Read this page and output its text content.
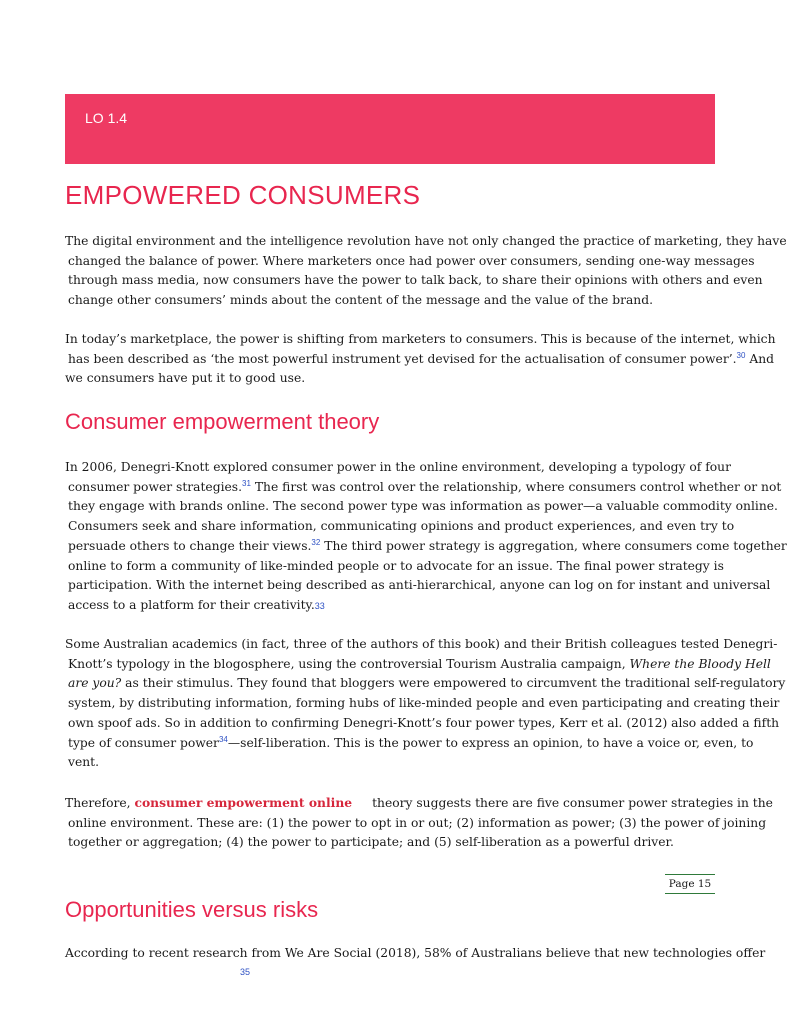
LO 1.4
EMPOWERED CONSUMERS

The digital environment and the intelligence revolution have not only changed the practice of marketing, they have
changed the balance of power. Where marketers once had power over consumers, sending one-way messages
through mass media, now consumers have the power to talk back, to share their opinions with others and even
change other consumers’ minds about the content of the message and the value of the brand.

In today’s marketplace, the power is shifting from marketers to consumers. This is because of the internet, which
has been described as ‘the most powerful instrument yet devised for the actualisation of consumer power’.$^{30}$ And
we consumers have put it to good use.

Consumer empowerment theory

In 2006, Denegri-Knott explored consumer power in the online environment, developing a typology of four
consumer power strategies.$^{31}$ The first was control over the relationship, where consumers control whether or not
they engage with brands online. The second power type was information as power—a valuable commodity online.
Consumers seek and share information, communicating opinions and product experiences, and even try to
persuade others to change their views.$^{32}$ The third power strategy is aggregation, where consumers come together
online to form a community of like-minded people or to advocate for an issue. The final power strategy is
participation. With the internet being described as anti-hierarchical, anyone can log on for instant and universal
access to a platform for their creativity.33

Some Australian academics (in fact, three of the authors of this book) and their British colleagues tested Denegri-
Knott’s typology in the blogosphere, using the controversial Tourism Australia campaign, Where the Bloody Hell
are you? as their stimulus. They found that bloggers were empowered to circumvent the traditional self-regulatory
system, by distributing information, forming hubs of like-minded people and even participating and creating their
own spoof ads. So in addition to confirming Denegri-Knott’s four power types, Kerr et al. (2012) also added a fifth
type of consumer power$^{34}$—self-liberation. This is the power to express an opinion, to have a voice or, even, to
vent.

Therefore, consumer empowerment online theory suggests there are five consumer power strategies in the
online environment. These are: (1) the power to opt in or out; (2) information as power; (3) the power of joining
together or aggregation; (4) the power to participate; and (5) self-liberation as a powerful driver.

Page 15
Opportunities versus risks

According to recent research from We Are Social (2018), 58% of Australians believe that new technologies offer

35
